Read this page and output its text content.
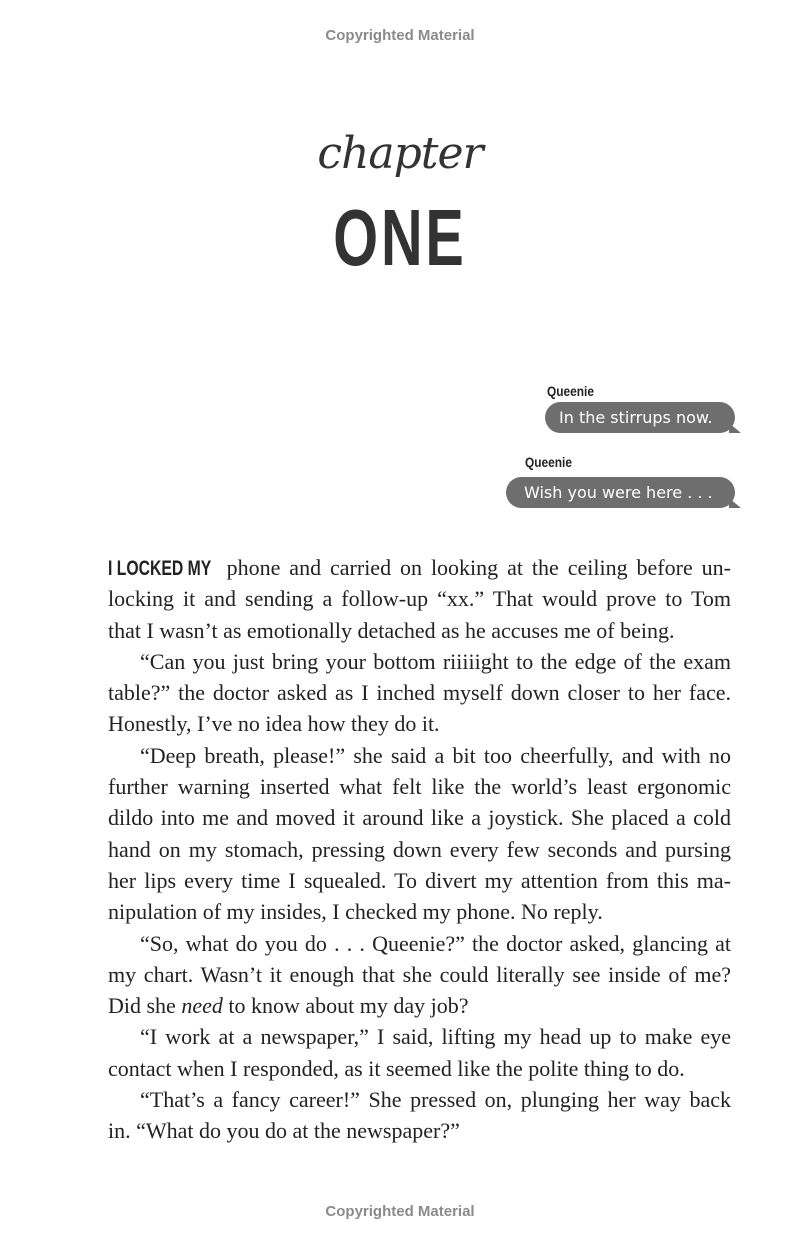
Copyrighted Material
chapter
ONE
Queenie
In the stirrups now.
Queenie
Wish you were here . . .
I LOCKED MY phone and carried on looking at the ceiling before un-
locking it and sending a follow-up “xx.” That would prove to Tom
that I wasn’t as emotionally detached as he accuses me of being.
“Can you just bring your bottom riiiiight to the edge of the exam
table?” the doctor asked as I inched myself down closer to her face.
Honestly, I’ve no idea how they do it.
“Deep breath, please!” she said a bit too cheerfully, and with no
further warning inserted what felt like the world’s least ergonomic
dildo into me and moved it around like a joystick. She placed a cold
hand on my stomach, pressing down every few seconds and pursing
her lips every time I squealed. To divert my attention from this ma-
nipulation of my insides, I checked my phone. No reply.
“So, what do you do . . . Queenie?” the doctor asked, glancing at
my chart. Wasn’t it enough that she could literally see inside of me?
Did she need to know about my day job?
“I work at a newspaper,” I said, lifting my head up to make eye
contact when I responded, as it seemed like the polite thing to do.
“That’s a fancy career!” She pressed on, plunging her way back
in. “What do you do at the newspaper?”
Copyrighted Material
